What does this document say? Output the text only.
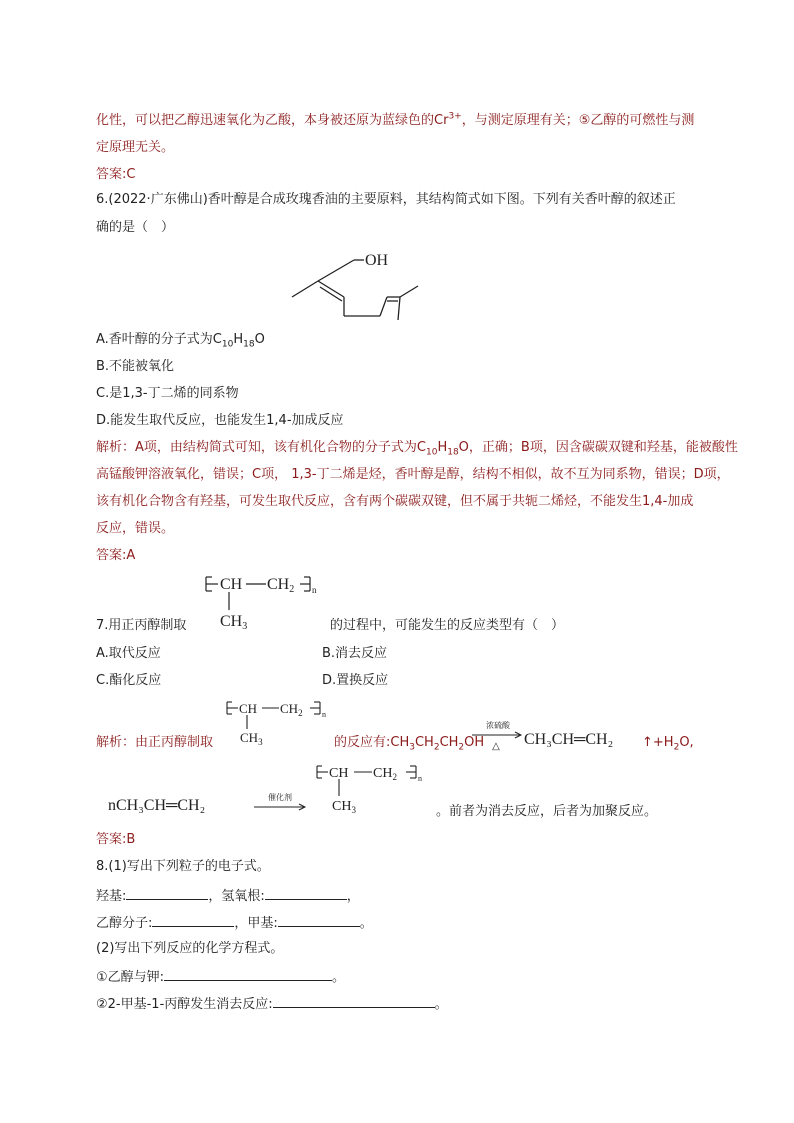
化性，可以把乙醇迅速氧化为乙酸，本身被还原为蓝绿色的$Cr^{3+}$，与测定原理有关；⑤乙醇的可燃性与测
定原理无关。
答案:C
6.(2022·广东佛山)香叶醇是合成玫瑰香油的主要原料，其结构简式如下图。下列有关香叶醇的叙述正
确的是（　）
OH
A.香叶醇的分子式为$C_{10}H_{18}O$
B.不能被氧化
C.是1,3-丁二烯的同系物
D.能发生取代反应，也能发生1,4-加成反应
解析：A项，由结构简式可知，该有机化合物的分子式为$C_{10}H_{18}O$，正确；B项，因含碳碳双键和羟基，能被酸性
高锰酸钾溶液氧化，错误；C项， 1,3-丁二烯是烃，香叶醇是醇，结构不相似，故不互为同系物，错误；D项，
该有机化合物含有羟基，可发生取代反应，含有两个碳碳双键，但不属于共轭二烯烃，不能发生1,4-加成
反应，错误。
答案:A
CH CH2 n
CH3
7.用正丙醇制取	的过程中，可能发生的反应类型有（　）
A.取代反应	B.消去反应
C.酯化反应	D.置换反应
CH $CH_2$ n
$CH_3$
解析：由正丙醇制取	的反应有$:CH_3CH_2CH_2OH$
浓硫酸
△ CH₃CH═CH₂ $↑+H_2O$,
nCH₃CH═CH₂	催化剂
CH $CH_2$	n
$CH_3$	。前者为消去反应，后者为加聚反应。
答案:B
8.(1)写出下列粒子的电子式。
羟基:	，氢氧根:	，
乙醇分子:	，甲基:	。
(2)写出下列反应的化学方程式。
①乙醇与钾:	。
②2-甲基-1-丙醇发生消去反应:	。
